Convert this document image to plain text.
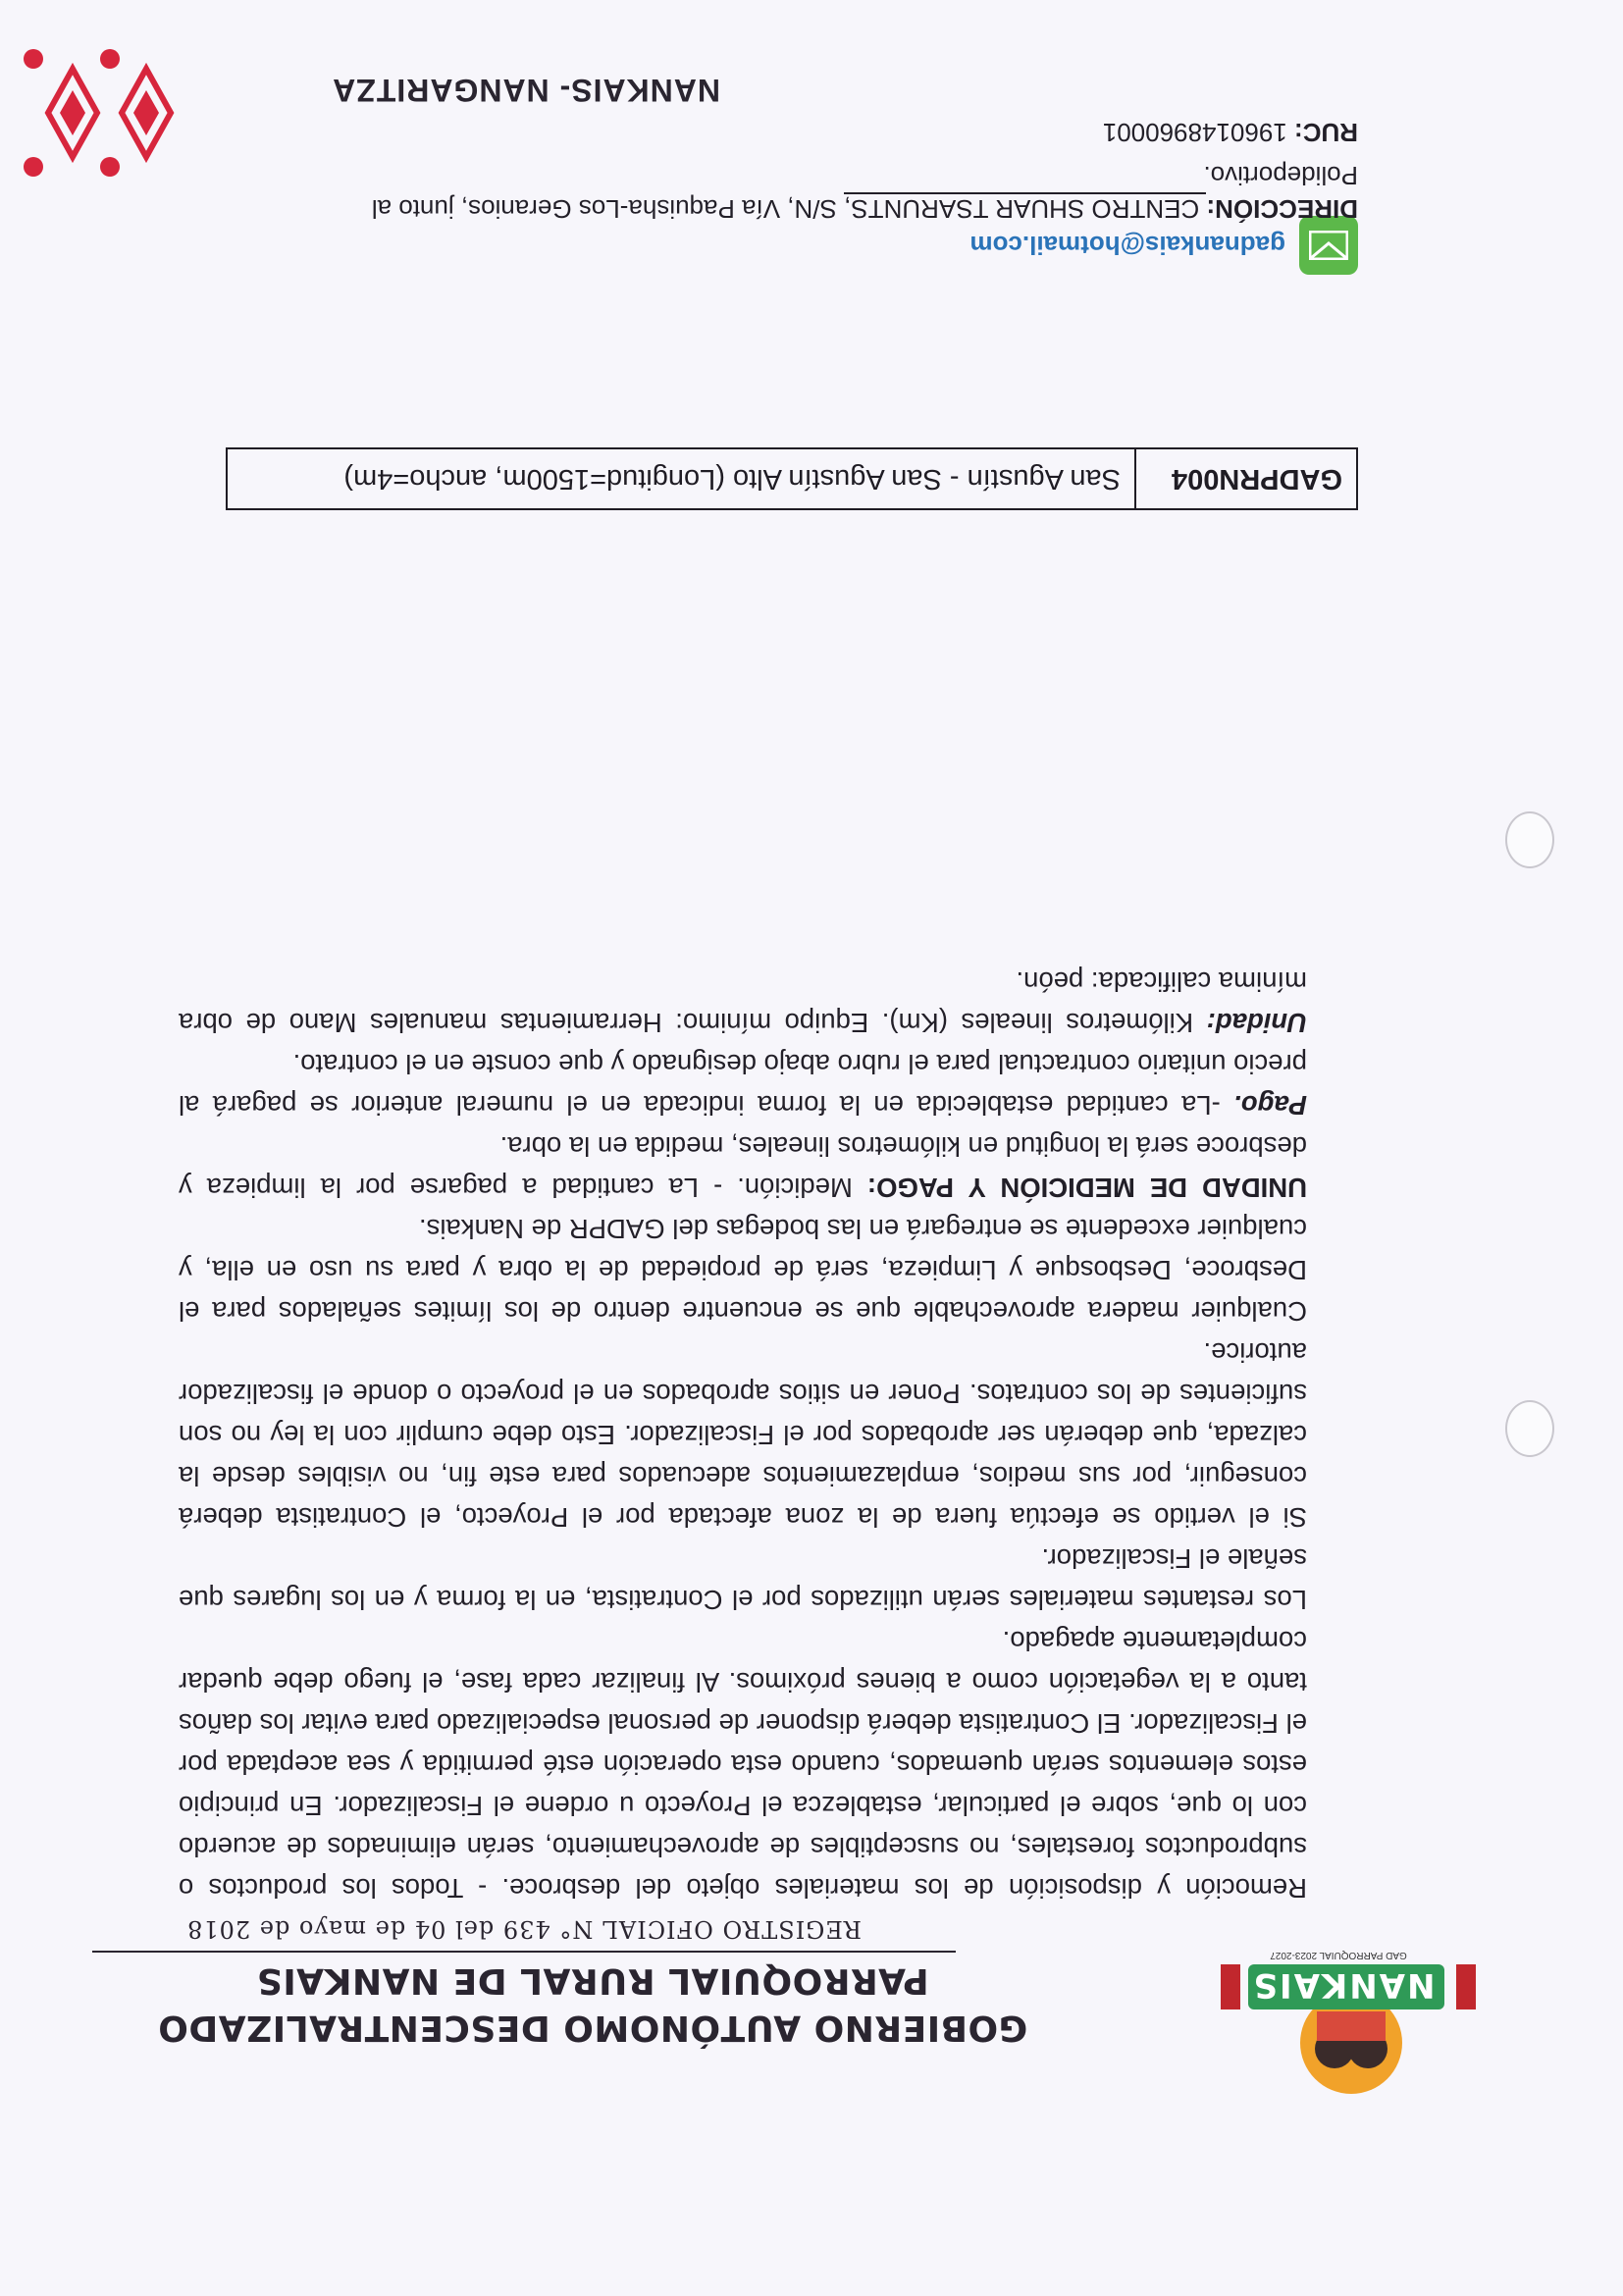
NANKAIS
GAD PARROQUIAL 2023-2027
GOBIERNO AUTÓNOMO DESCENTRALIZADO
PARROQUIAL RURAL DE NANKAIS
REGISTRO OFICIAL N° 439 del 04 de mayo de 2018

Remoción y disposición de los materiales objeto del desbroce. - Todos los productos o subproductos forestales, no susceptibles de aprovechamiento, serán eliminados de acuerdo con lo que, sobre el particular, establezca el Proyecto u ordene el Fiscalizador. En principio estos elementos serán quemados, cuando esta operación esté permitida y sea aceptada por el Fiscalizador. El Contratista deberá disponer de personal especializado para evitar los daños tanto a la vegetación como a bienes próximos. Al finalizar cada fase, el fuego debe quedar completamente apagado.

Los restantes materiales serán utilizados por el Contratista, en la forma y en los lugares que señale el Fiscalizador.

Si el vertido se efectúa fuera de la zona afectada por el Proyecto, el Contratista deberá conseguir, por sus medios, emplazamientos adecuados para este fin, no visibles desde la calzada, que deberán ser aprobados por el Fiscalizador. Esto debe cumplir con la ley no son suficientes de los contratos. Poner en sitios aprobados en el proyecto o donde el fiscalizador autorice.

Cualquier madera aprovechable que se encuentre dentro de los límites señalados para el Desbroce, Desbosque y Limpieza, será de propiedad de la obra y para su uso en ella, y cualquier excedente se entregará en las bodegas del GADPR de Nankais.

UNIDAD DE MEDICIÓN Y PAGO: Medición. - La cantidad a pagarse por la limpieza y desbroce será la longitud en kilómetros lineales, medida en la obra.

Pago. -La cantidad establecida en la forma indicada en el numeral anterior se pagará al precio unitario contractual para el rubro abajo designado y que conste en el contrato.

Unidad: Kilómetros lineales (Km). Equipo mínimo: Herramientas manuales Mano de obra mínima calificada: peón.

GADPRN004
San Agustín - San Agustín Alto (Longitud=1500m, ancho=4m)
gadnankais@hotmail.com
DIRECCIÓN: CENTRO SHUAR TSARUNTS, S/N, Vía Paquisha-Los Geranios, junto al Polideportivo.
RUC: 1960148960001
NANKAIS- NANGARITZA
